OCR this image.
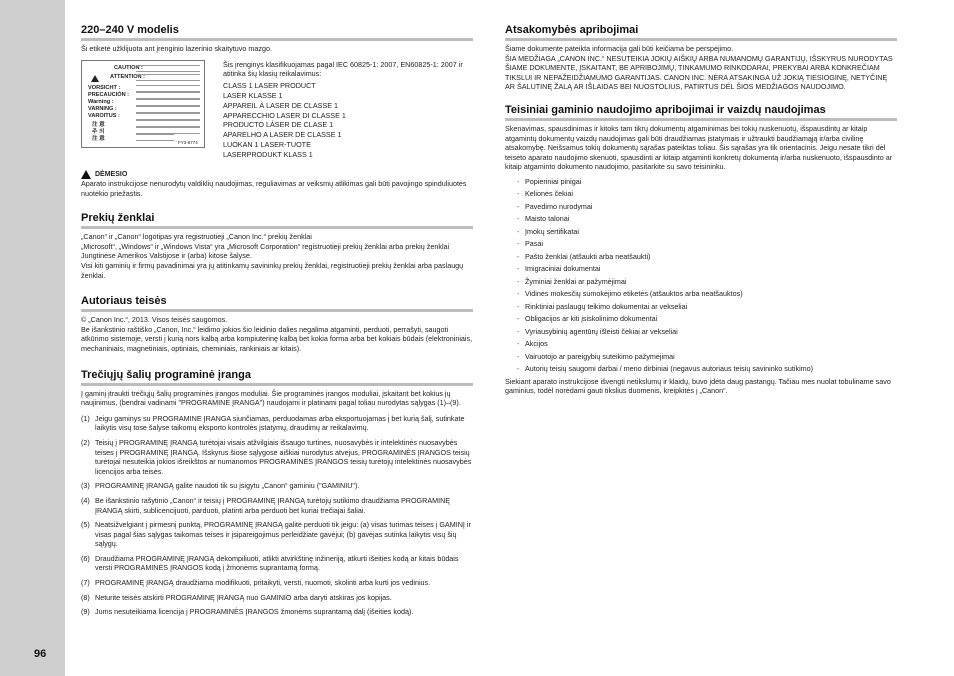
96
220–240 V modelis

Ši etiketė užklijuota ant įrenginio lazerinio skaitytuvo mazgo.

CAUTION :
ATTENTION :
VORSICHT :
PRECAUCIÓN :
Warning :
VARNING :
VAROITUS :
注 意
주 의
注 意
FY3-6774

Šis įrenginys klasifikuojamas pagal IEC 60825-1: 2007, EN60825-1: 2007 ir atitinka šių klasių reikalavimus:

CLASS 1 LASER PRODUCT
LASER KLASSE 1
APPAREIL À LASER DE CLASSE 1
APPARECCHIO LASER DI CLASSE 1
PRODUCTO LÁSER DE CLASE 1
APARELHO A LASER DE CLASSE 1
LUOKAN 1 LASER-TUOTE
LASERPRODUKT KLASS 1
DĖMESIO

Aparato instrukcijose nenurodytų valdiklių naudojimas, reguliavimas ar veiksmų atlikimas gali būti pavojingo spinduliuotės nuotėkio priežastis.

Prekių ženklai

„Canon“ ir „Canon“ logotipas yra registruotieji „Canon Inc.“ prekių ženklai

„Microsoft“, „Windows“ ir „Windows Vista“ yra „Microsoft Corporation“ registruotieji prekių ženklai arba prekių ženklai Jungtinėse Amerikos Valstijose ir (arba) kitose šalyse.

Visi kiti gaminių ir firmų pavadinimai yra jų atitinkamų savininkų prekių ženklai, registruotieji prekių ženklai arba paslaugų ženklai.

Autoriaus teisės

© „Canon Inc.“, 2013. Visos teisės saugomos.

Be išankstinio raštiško „Canon, Inc.“ leidimo jokios šio leidinio dalies negalima atgaminti, perduoti, perrašyti, saugoti atkūrimo sistemoje, versti į kurią nors kalbą arba kompiuterinę kalbą bet kokia forma arba bet kokiais būdais (elektroniniais, mechaniniais, magnetiniais, optiniais, cheminiais, rankiniais ar kitais).

Trečiųjų šalių programinė įranga

Į gaminį įtraukti trečiųjų šalių programinės įrangos moduliai. Šie programinės įrangos moduliai, įskaitant bet kokius jų naujinimus, (bendrai vadinami "PROGRAMINĖ ĮRANGA") naudojami ir platinami pagal toliau nurodytas sąlygas (1)–(9).

(1) Jeigu gaminys su PROGRAMINE ĮRANGA siunčiamas, perduodamas arba eksportuojamas į bet kurią šalį, sutinkate laikytis visų tose šalyse taikomų eksporto kontrolės įstatymų, draudimų ar reikalavimų.
(2) Teisių į PROGRAMINĘ ĮRANGĄ turėtojai visais atžvilgiais išsaugo turtines, nuosavybės ir intelektinės nuosavybės teises į PROGRAMINĘ ĮRANGĄ. Išskyrus šiose sąlygose aiškiai nurodytus atvejus, PROGRAMINĖS ĮRANGOS teisių turėtojai nesuteikia jokios išreikštos ar numanomos PROGRAMINĖS ĮRANGOS teisių turėtojų intelektinės nuosavybės licencijos arba teisės.
(3) PROGRAMINĘ ĮRANGĄ galite naudoti tik su įsigytu „Canon“ gaminiu ("GAMINIU").
(4) Be išankstinio rašytinio „Canon“ ir teisių į PROGRAMINĘ ĮRANGĄ turėtojų sutikimo draudžiama PROGRAMINĘ ĮRANGĄ skirti, sublicencijuoti, parduoti, platinti arba perduoti bet kuriai trečiajai šaliai.
(5) Neatsižvelgiant į pirmesnį punktą, PROGRAMINĘ ĮRANGĄ galite perduoti tik jeigu: (a) visas turimas teises į GAMINĮ ir visas pagal šias sąlygas taikomas teises ir įsipareigojimus perleidžiate gavėjui; (b) gavėjas sutinka laikytis visų šių sąlygų.
(6) Draudžiama PROGRAMINĘ ĮRANGĄ dekompiliuoti, atlikti atvirkštinę inžineriją, atkurti išeities kodą ar kitais būdais versti PROGRAMINĖS ĮRANGOS kodą į žmonėms suprantamą formą.
(7) PROGRAMINĘ ĮRANGĄ draudžiama modifikuoti, pritaikyti, versti, nuomoti, skolinti arba kurti jos vedinius.
(8) Neturite teisės atskirti PROGRAMINĘ ĮRANGĄ nuo GAMINIO arba daryti atskiras jos kopijas.
(9) Jums nesuteikiama licencija į PROGRAMINĖS ĮRANGOS žmonėms suprantamą dalį (išeities kodą).
Atsakomybės apribojimai

Šiame dokumente pateikta informacija gali būti keičiama be perspėjimo.

ŠIA MEDŽIAGA „CANON INC.“ NESUTEIKIA JOKIŲ AIŠKIŲ ARBA NUMANOMŲ GARANTIJŲ, IŠSKYRUS NURODYTAS ŠIAME DOKUMENTE, ĮSKAITANT, BE APRIBOJIMŲ, TINKAMUMO RINKODARAI, PREKYBAI ARBA KONKREČIAM TIKSLUI IR NEPAŽEIDŽIAMUMO GARANTIJAS. CANON INC. NĖRA ATSAKINGA UŽ JOKIĄ TIESIOGINĘ, NETYČINĘ AR ŠALUTINĘ ŽALĄ AR IŠLAIDAS BEI NUOSTOLIUS, PATIRTUS DĖL ŠIOS MEDŽIAGOS NAUDOJIMO.

Teisiniai gaminio naudojimo apribojimai ir vaizdų naudojimas

Skenavimas, spausdinimas ir kitoks tam tikrų dokumentų atgaminimas bei tokių nuskenuotų, išspausdintų ar kitaip atgamintų dokumentų vaizdų naudojimas gali būti draudžiamas įstatymais ir užtraukti baudžiamąją ir/arba civilinę atsakomybę. Neišsamus tokių dokumentų sąrašas pateiktas toliau. Šis sąrašas yra tik orientacinis. Jeigu nesate tikri dėl teisėto aparato naudojimo skenuoti, spausdinti ar kitaip atgaminti konkretų dokumentą ir/arba nuskenuoto, išspausdinto ar kitaip atgaminto dokumento naudojimo, pasitarkite su savo teisininku.

- Popieriniai pinigai
- Kelionės čekiai
- Pavedimo nurodymai
- Maisto talonai
- Įmokų sertifikatai
- Pasai
- Pašto ženklai (atšaukti arba neatšaukti)
- Imigraciniai dokumentai
- Žyminiai ženklai ar pažymėjimai
- Vidinės mokesčių sumokėjimo etiketės (atšauktos arba neatšauktos)
- Rinktiniai paslaugų teikimo dokumentai ar vekseliai
- Obligacijos ar kiti įsiskolinimo dokumentai
- Vyriausybinių agentūrų išleisti čekiai ar vekseliai
- Akcijos
- Vairuotojo ar pareigybių suteikimo pažymėjimai
- Autorių teisių saugomi darbai / meno dirbiniai (negavus autoriaus teisių savininko sutikimo)

Siekiant aparato instrukcijose išvengti netikslumų ir klaidų, buvo įdėta daug pastangų. Tačiau mes nuolat tobuliname savo gaminius, todėl norėdami gauti tikslius duomenis, kreipkitės į „Canon“.
